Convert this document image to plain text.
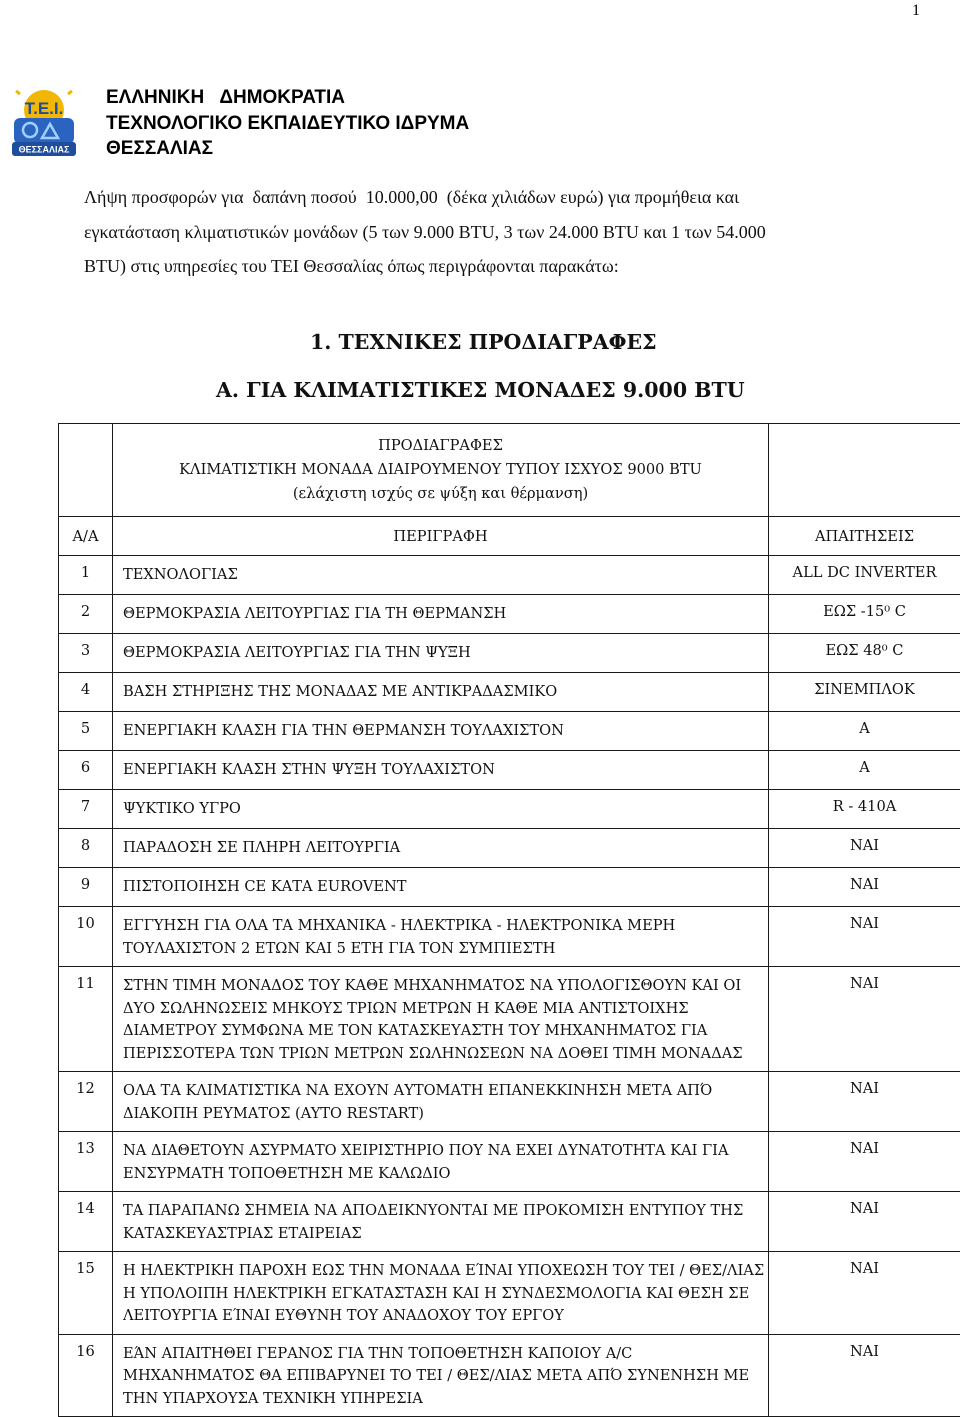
1
T.E.I.
ΘΕΣΣΑΛΙΑΣ
ΕΛΛΗΝΙΚΗ   ΔΗΜΟΚΡΑΤΙΑ
ΤΕΧΝΟΛΟΓΙΚΟ ΕΚΠΑΙΔΕΥΤΙΚΟ ΙΔΡΥΜΑ
ΘΕΣΣΑΛΙΑΣ
Λήψη προσφορών για  δαπάνη ποσού  10.000,00  (δέκα χιλιάδων ευρώ) για προμήθεια και
εγκατάσταση κλιματιστικών μονάδων (5 των 9.000 BTU, 3 των 24.000 BTU και 1 των 54.000
BTU) στις υπηρεσίες του ΤΕΙ Θεσσαλίας όπως περιγράφονται παρακάτω:
1. ΤΕΧΝΙΚΕΣ ΠΡΟΔΙΑΓΡΑΦΕΣ
Α. ΓΙΑ ΚΛΙΜΑΤΙΣΤΙΚΕΣ ΜΟΝΑΔΕΣ 9.000 BTU

	ΠΡΟΔΙΑΓΡΑΦΕΣ
ΚΛΙΜΑΤΙΣΤΙΚΗ ΜΟΝΑΔΑ ΔΙΑΙΡΟΥΜΕΝΟΥ ΤΥΠΟΥ ΙΣΧΥΟΣ 9000 BTU
(ελάχιστη ισχύς σε ψύξη και θέρμανση)	

Α/Α	ΠΕΡΙΓΡΑΦΗ	ΑΠΑΙΤΗΣΕΙΣ
1	ΤΕΧΝΟΛΟΓΙΑΣ	ALL DC INVERTER
2	ΘΕΡΜΟΚΡΑΣΙΑ ΛΕΙΤΟΥΡΓΙΑΣ ΓΙΑ ΤΗ ΘΕΡΜΑΝΣΗ	ΕΩΣ -15⁰ C
3	ΘΕΡΜΟΚΡΑΣΙΑ ΛΕΙΤΟΥΡΓΙΑΣ ΓΙΑ ΤΗΝ ΨΥΞΗ	ΕΩΣ 48⁰ C
4	ΒΑΣΗ ΣΤΗΡΙΞΗΣ ΤΗΣ ΜΟΝΑΔΑΣ ΜΕ ΑΝΤΙΚΡΑΔΑΣΜΙΚΟ	ΣΙΝΕΜΠΛΟΚ
5	ΕΝΕΡΓΙΑΚΗ ΚΛΑΣΗ ΓΙΑ ΤΗΝ ΘΕΡΜΑΝΣΗ ΤΟΥΛΑΧΙΣΤΟΝ	A
6	ΕΝΕΡΓΙΑΚΗ ΚΛΑΣΗ ΣΤΗΝ ΨΥΞΗ ΤΟΥΛΑΧΙΣΤΟΝ	A
7	ΨΥΚΤΙΚΟ ΥΓΡΟ	R - 410A
8	ΠΑΡΑΔΟΣΗ ΣΕ ΠΛΗΡΗ ΛΕΙΤΟΥΡΓΙΑ	ΝΑΙ
9	ΠΙΣΤΟΠΟΙΗΣΗ CE ΚΑΤΑ EUROVENT	ΝΑΙ
10	ΕΓΓΥΗΣΗ ΓΙΑ ΟΛΑ ΤΑ ΜΗΧΑΝΙΚΑ - ΗΛΕΚΤΡΙΚΑ - ΗΛΕΚΤΡΟΝΙΚΑ ΜΕΡΗ ΤΟΥΛΑΧΙΣΤΟΝ 2 ΕΤΩΝ ΚΑΙ 5 ΕΤΗ ΓΙΑ ΤΟΝ ΣΥΜΠΙΕΣΤΗ	ΝΑΙ
11	ΣΤΗΝ ΤΙΜΗ ΜΟΝΑΔΟΣ ΤΟΥ ΚΑΘΕ ΜΗΧΑΝΗΜΑΤΟΣ ΝΑ ΥΠΟΛΟΓΙΣΘΟΥΝ ΚΑΙ ΟΙ ΔΥΟ ΣΩΛΗΝΩΣΕΙΣ ΜΗΚΟΥΣ ΤΡΙΩΝ ΜΕΤΡΩΝ Η ΚΑΘΕ ΜΙΑ ΑΝΤΙΣΤΟΙΧΗΣ ΔΙΑΜΕΤΡΟΥ ΣΥΜΦΩΝΑ ΜΕ ΤΟΝ ΚΑΤΑΣΚΕΥΑΣΤΗ ΤΟΥ ΜΗΧΑΝΗΜΑΤΟΣ ΓΙΑ ΠΕΡΙΣΣΟΤΕΡΑ ΤΩΝ ΤΡΙΩΝ ΜΕΤΡΩΝ ΣΩΛΗΝΩΣΕΩΝ ΝΑ ΔΟΘΕΙ ΤΙΜΗ ΜΟΝΑΔΑΣ	ΝΑΙ
12	ΟΛΑ ΤΑ ΚΛΙΜΑΤΙΣΤΙΚΑ ΝΑ ΕΧΟΥΝ ΑΥΤΟΜΑΤΗ ΕΠΑΝΕΚΚΙΝΗΣΗ ΜΕΤΑ ΑΠΌ ΔΙΑΚΟΠΗ ΡΕΥΜΑΤΟΣ (AYTO RESTART)	ΝΑΙ
13	ΝΑ ΔΙΑΘΕΤΟΥΝ ΑΣΥΡΜΑΤΟ ΧΕΙΡΙΣΤΗΡΙΟ ΠΟΥ ΝΑ ΕΧΕΙ ΔΥΝΑΤΟΤΗΤΑ ΚΑΙ ΓΙΑ ΕΝΣΥΡΜΑΤΗ ΤΟΠΟΘΕΤΗΣΗ ΜΕ ΚΑΛΩΔΙΟ	ΝΑΙ
14	ΤΑ ΠΑΡΑΠΑΝΩ ΣΗΜΕΙΑ ΝΑ ΑΠΟΔΕΙΚΝΥΟΝΤΑΙ ΜΕ ΠΡΟΚΟΜΙΣΗ ΕΝΤΥΠΟΥ ΤΗΣ ΚΑΤΑΣΚΕΥΑΣΤΡΙΑΣ ΕΤΑΙΡΕΙΑΣ	ΝΑΙ
15	Η ΗΛΕΚΤΡΙΚΗ ΠΑΡΟΧΗ ΕΩΣ ΤΗΝ ΜΟΝΑΔΑ ΕΊΝΑΙ ΥΠΟΧΕΩΣΗ ΤΟΥ ΤΕΙ / ΘΕΣ/ΛΙΑΣ Η ΥΠΟΛΟΙΠΗ ΗΛΕΚΤΡΙΚΗ ΕΓΚΑΤΑΣΤΑΣΗ ΚΑΙ Η ΣΥΝΔΕΣΜΟΛΟΓΙΑ ΚΑΙ ΘΕΣΗ ΣΕ ΛΕΙΤΟΥΡΓΙΑ ΕΊΝΑΙ ΕΥΘΥΝΗ ΤΟΥ ΑΝΑΔΟΧΟΥ ΤΟΥ ΕΡΓΟΥ	ΝΑΙ
16	ΕΆΝ ΑΠΑΙΤΗΘΕΙ ΓΕΡΑΝΟΣ ΓΙΑ ΤΗΝ ΤΟΠΟΘΕΤΗΣΗ ΚΑΠΟΙΟΥ Α/C ΜΗΧΑΝΗΜΑΤΟΣ ΘΑ ΕΠΙΒΑΡΥΝΕΙ ΤΟ ΤΕΙ / ΘΕΣ/ΛΙΑΣ ΜΕΤΑ ΑΠΌ ΣΥΝΕΝΗΣΗ ΜΕ ΤΗΝ ΥΠΑΡΧΟΥΣΑ ΤΕΧΝΙΚΗ ΥΠΗΡΕΣΙΑ	ΝΑΙ
